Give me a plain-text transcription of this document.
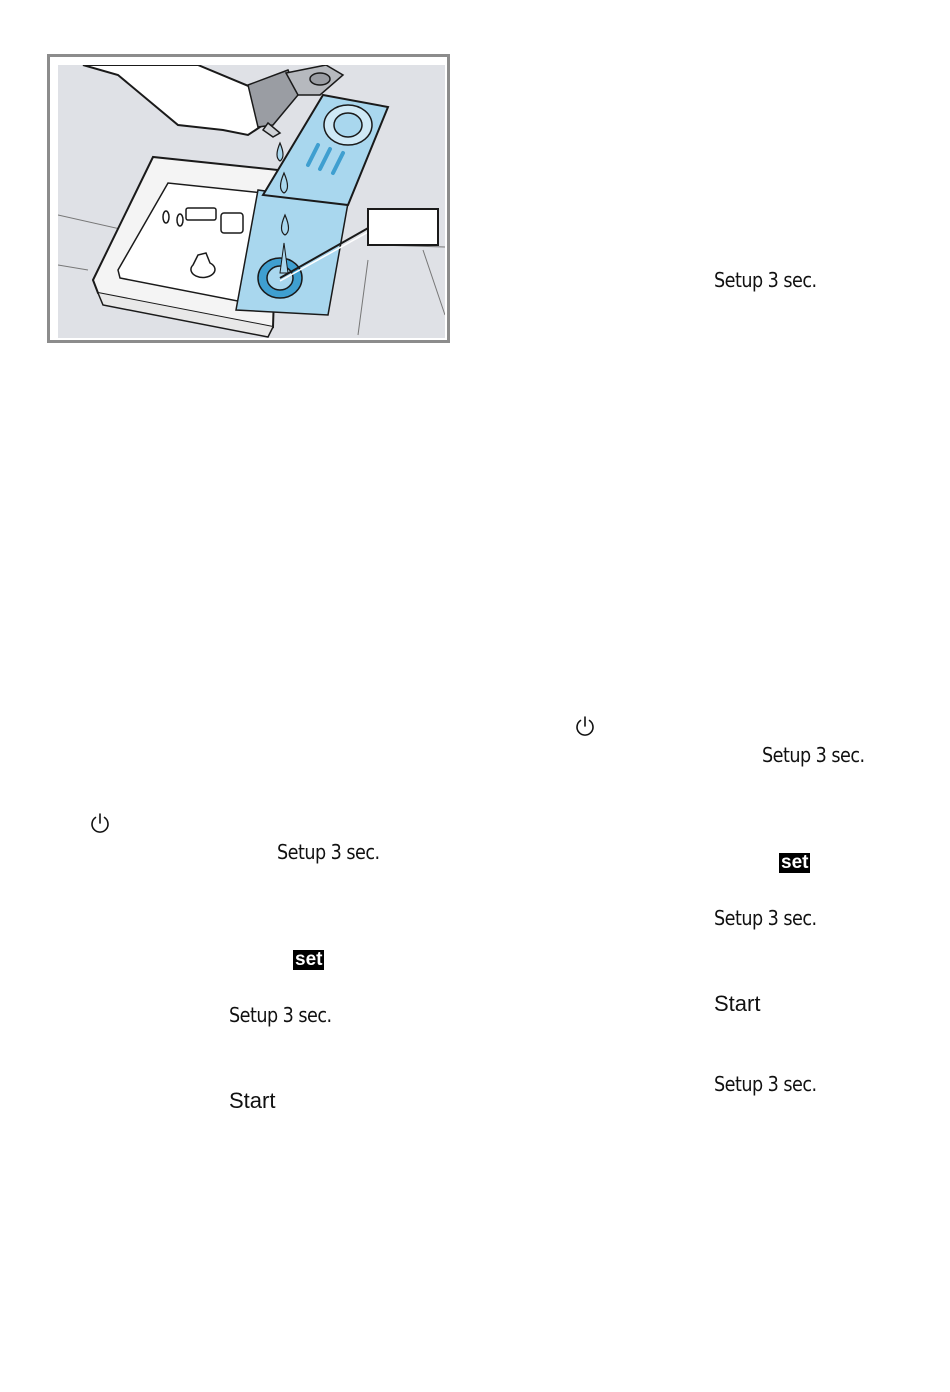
Setup 3 sec.
Setup 3 sec.
set
Setup 3 sec.
Start
Setup 3 sec.
set
Setup 3 sec.
Start
Setup 3 sec.
